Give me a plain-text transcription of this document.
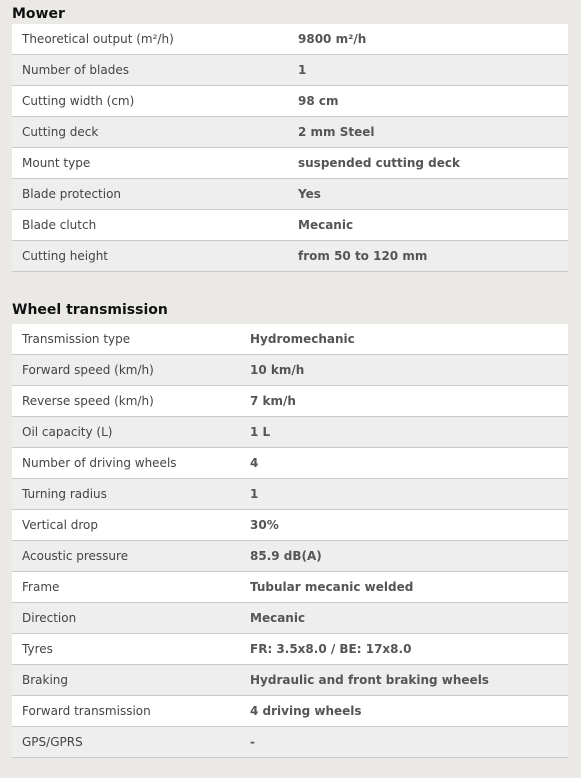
Mower
Theoretical output (m²/h)	9800 m²/h
Number of blades	1
Cutting width (cm)	98 cm
Cutting deck	2 mm Steel
Mount type	suspended cutting deck
Blade protection	Yes
Blade clutch	Mecanic
Cutting height	from 50 to 120 mm
Wheel transmission
Transmission type	Hydromechanic
Forward speed (km/h)	10 km/h
Reverse speed (km/h)	7 km/h
Oil capacity (L)	1 L
Number of driving wheels	4
Turning radius	1
Vertical drop	30%
Acoustic pressure	85.9 dB(A)
Frame	Tubular mecanic welded
Direction	Mecanic
Tyres	FR: 3.5x8.0 / BE: 17x8.0
Braking	Hydraulic and front braking wheels
Forward transmission	4 driving wheels
GPS/GPRS	-
